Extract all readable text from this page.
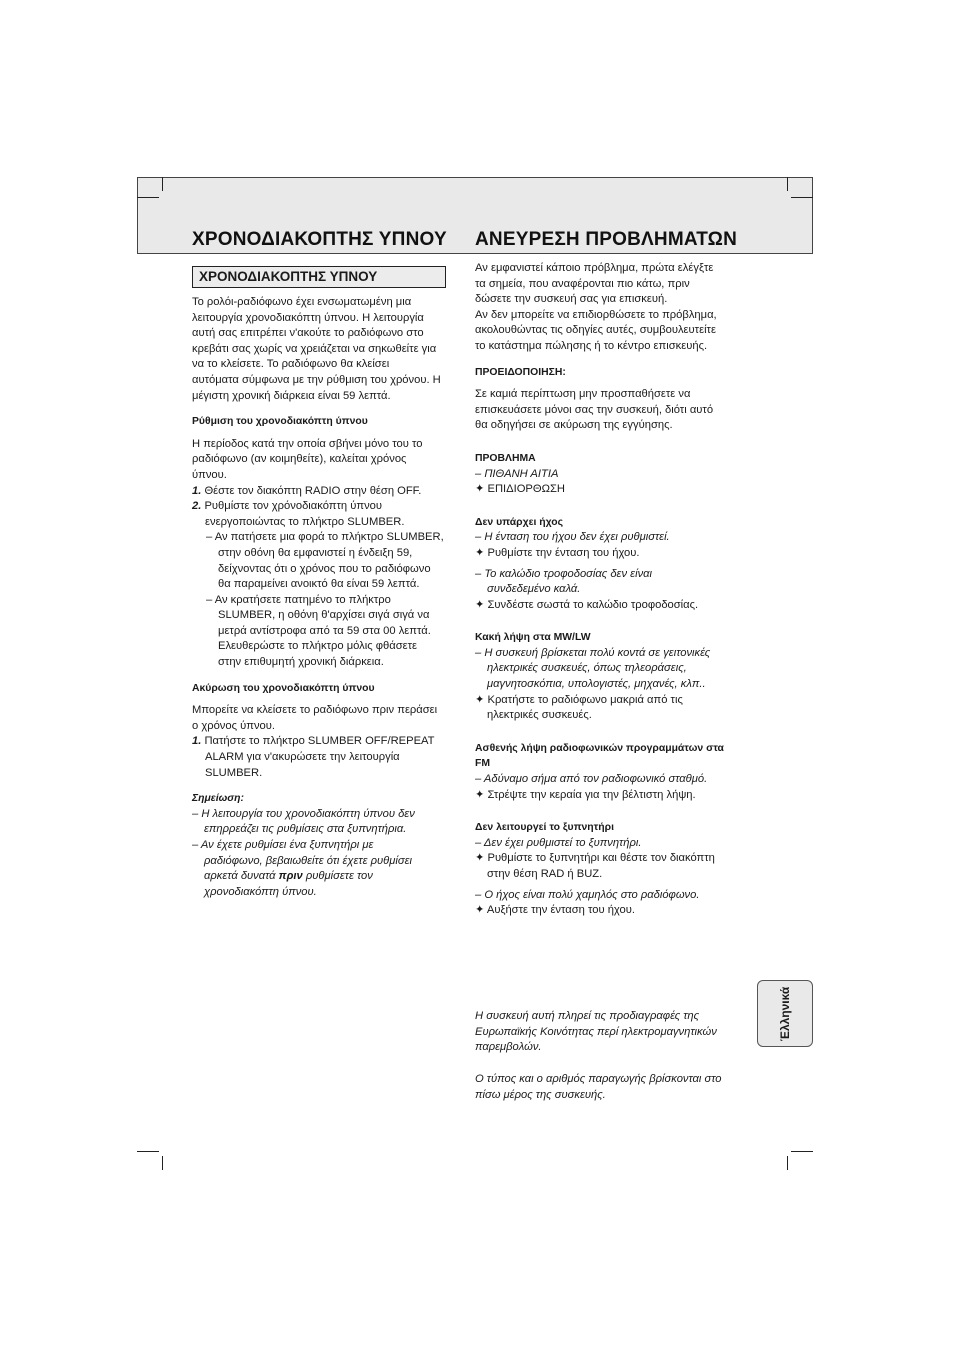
ΧΡΟΝΟΔΙΑΚΟΠΤΗΣ ΥΠΝΟΥ ΑΝΕΥΡΕΣΗ ΠΡΟΒΛΗΜΑΤΩΝ
ΧΡΟΝΟΔΙΑΚΟΠΤΗΣ ΥΠΝΟΥ

Το ρολόι-ραδιόφωνο έχει ενσωματωμένη μια

λειτουργία χρονοδιακόπτη ύπνου. Η λειτουργία

αυτή σας επιτρέπει ν'ακούτε το ραδιόφωνο στο

κρεβάτι σας χωρίς να χρειάζεται να σηκωθείτε για

να το κλείσετε. Το ραδιόφωνο θα κλείσει

αυτόματα σύμφωνα με την ρύθμιση του χρόνου. Η

μέγιστη χρονική διάρκεια είναι 59 λεπτά.

Ρύθμιση του χρονοδιακόπτη ύπνου

Η περίοδος κατά την οποία σβήνει μόνο του το

ραδιόφωνο (αν κοιμηθείτε), καλείται χρόνος

ύπνου.

1. Θέστε τον διακόπτη RADIO στην θέση OFF.

2. Ρυθμίστε τον χρόνοδιακόπτη ύπνου

ενεργοποιώντας το πλήκτρο SLUMBER.

– Αν πατήσετε μια φορά το πλήκτρο SLUMBER,

στην οθόνη θα εμφανιστεί η ένδειξη 59,

δείχνοντας ότι ο χρόνος που το ραδιόφωνο

θα παραμείνει ανοικτό θα είναι 59 λεπτά.

– Αν κρατήσετε πατημένο το πλήκτρο

SLUMBER, η οθόνη θ'αρχίσει σιγά σιγά να

μετρά αντίστροφα από τα 59 στα 00 λεπτά.

Ελευθερώστε το πλήκτρο μόλις φθάσετε

στην επιθυμητή χρονική διάρκεια.

Ακύρωση του χρονοδιακόπτη ύπνου

Μπορείτε να κλείσετε το ραδιόφωνο πριν περάσει

ο χρόνος ύπνου.

1. Πατήστε το πλήκτρο SLUMBER OFF/REPEAT

ALARM για ν'ακυρώσετε την λειτουργία

SLUMBER.

Σημείωση:

– Η λειτουργία του χρονοδιακόπτη ύπνου δεν

επηρρεάζει τις ρυθμίσεις στα ξυπνητήρια.

– Αν έχετε ρυθμίσει ένα ξυπνητήρι με

ραδιόφωνο, βεβαιωθείτε ότι έχετε ρυθμίσει

αρκετά δυνατά πριν ρυθμίσετε τον

χρονοδιακόπτη ύπνου.

Αν εμφανιστεί κάποιο πρόβλημα, πρώτα ελέγξτε

τα σημεία, που αναφέρονται πιο κάτω, πριν

δώσετε την συσκευή σας για επισκευή.

Αν δεν μπορείτε να επιδιορθώσετε το πρόβλημα,

ακολουθώντας τις οδηγίες αυτές, συμβουλευτείτε

το κατάστημα πώλησης ή το κέντρο επισκευής.

ΠΡΟΕΙΔΟΠΟΙΗΣΗ:

Σε καμιά περίπτωση μην προσπαθήσετε να

επισκευάσετε μόνοι σας την συσκευή, διότι αυτό

θα οδηγήσει σε ακύρωση της εγγύησης.

ΠΡΟΒΛΗΜΑ

– ΠΙΘΑΝΗ ΑΙΤΙΑ

✦ ΕΠΙΔΙΟΡΘΩΣΗ

Δεν υπάρχει ήχος

– Η ένταση του ήχου δεν έχει ρυθμιστεί.

✦ Ρυθμίστε την ένταση του ήχου.

– Το καλώδιο τροφοδοσίας δεν είναι

συνδεδεμένο καλά.

✦ Συνδέστε σωστά το καλώδιο τροφοδοσίας.

Κακή λήψη στα MW/LW

– Η συσκευή βρίσκεται πολύ κοντά σε γειτονικές

ηλεκτρικές συσκευές, όπως τηλεοράσεις,

μαγνητοσκόπια, υπολογιστές, μηχανές, κλπ..

✦ Κρατήστε το ραδιόφωνο μακριά από τις

ηλεκτρικές συσκευές.

Ασθενής λήψη ραδιοφωνικών προγραμμάτων στα

FM

– Αδύναμο σήμα από τον ραδιοφωνικό σταθμό.

✦ Στρέψτε την κεραία για την βέλτιστη λήψη.

Δεν λειτουργεί το ξυπνητήρι

– Δεν έχει ρυθμιστεί το ξυπνητήρι.

✦ Ρυθμίστε το ξυπνητήρι και θέστε τον διακόπτη

στην θέση RAD ή BUZ.

– Ο ήχος είναι πολύ χαμηλός στο ραδιόφωνο.

✦ Αυξήστε την ένταση του ήχου.

Η συσκευή αυτή πληρεί τις προδιαγραφές της

Ευρωπαϊκής Κοινότητας περί ηλεκτρομαγνητικών

παρεμβολών.

Ο τύπος και ο αριθμός παραγωγής βρίσκονται στο

πίσω μέρος της συσκευής.

Έλληνικά
